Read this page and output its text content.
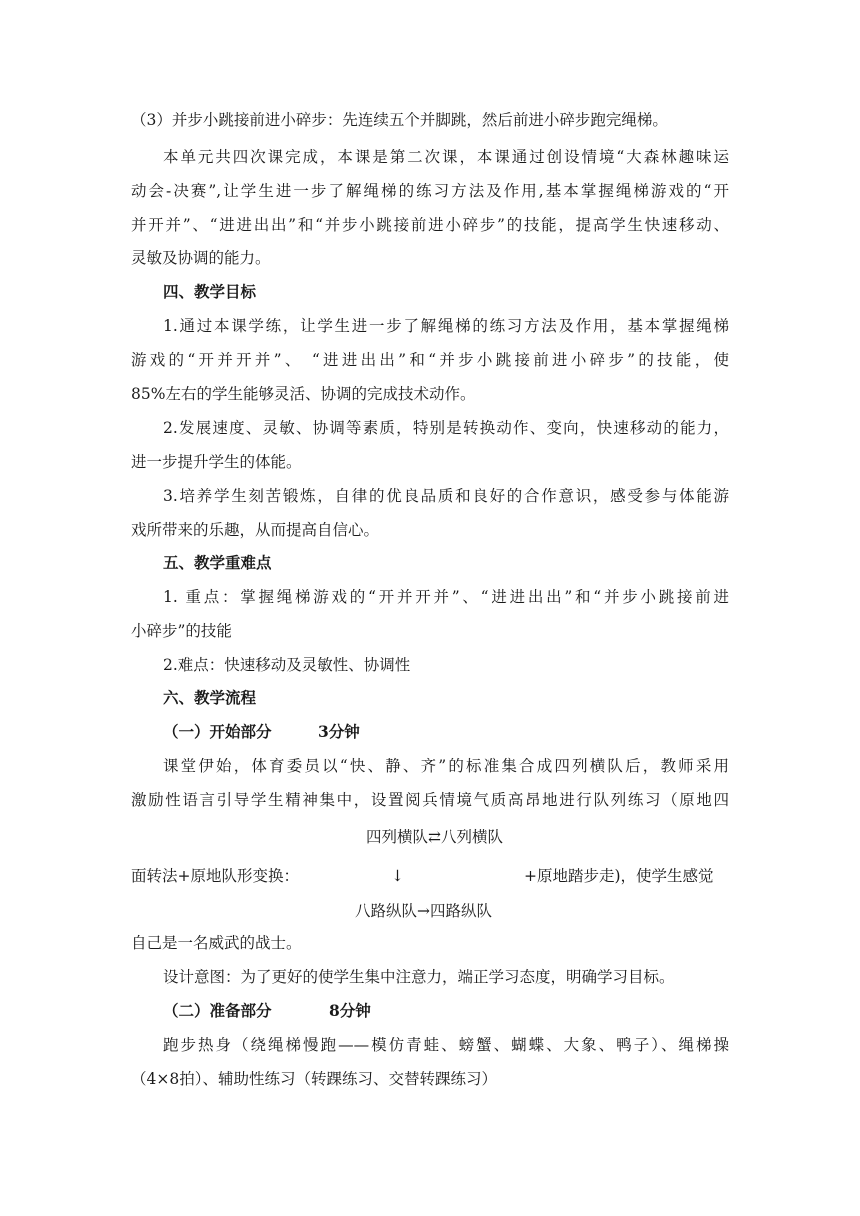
（3）并步小跳接前进小碎步：先连续五个并脚跳，然后前进小碎步跑完绳梯。
本单元共四次课完成，本课是第二次课，本课通过创设情境“大森林趣味运
动会-决赛”,让学生进一步了解绳梯的练习方法及作用,基本掌握绳梯游戏的“开
并开并”、“进进出出”和“并步小跳接前进小碎步”的技能，提高学生快速移动、
灵敏及协调的能力。
四、教学目标
1.通过本课学练，让学生进一步了解绳梯的练习方法及作用，基本掌握绳梯
游戏的“开并开并”、 “进进出出”和“并步小跳接前进小碎步”的技能，使
85%左右的学生能够灵活、协调的完成技术动作。
2.发展速度、灵敏、协调等素质，特别是转换动作、变向，快速移动的能力，
进一步提升学生的体能。
3.培养学生刻苦锻炼，自律的优良品质和良好的合作意识，感受参与体能游
戏所带来的乐趣，从而提高自信心。
五、教学重难点
1. 重点：掌握绳梯游戏的“开并开并”、“进进出出”和“并步小跳接前进
小碎步”的技能
2.难点：快速移动及灵敏性、协调性
六、教学流程
（一）开始部分	3分钟
课堂伊始，体育委员以“快、静、齐”的标准集合成四列横队后，教师采用
激励性语言引导学生精神集中，设置阅兵情境气质高昂地进行队列练习（原地四
四列横队⇄八列横队
面转法+原地队形变换：	↓	+原地踏步走)，使学生感觉
八路纵队→四路纵队
自己是一名威武的战士。
设计意图：为了更好的使学生集中注意力，端正学习态度，明确学习目标。
（二）准备部分	8分钟
跑步热身（绕绳梯慢跑——模仿青蛙、螃蟹、蝴蝶、大象、鸭子）、绳梯操
（4×8拍）、辅助性练习（转踝练习、交替转踝练习）
